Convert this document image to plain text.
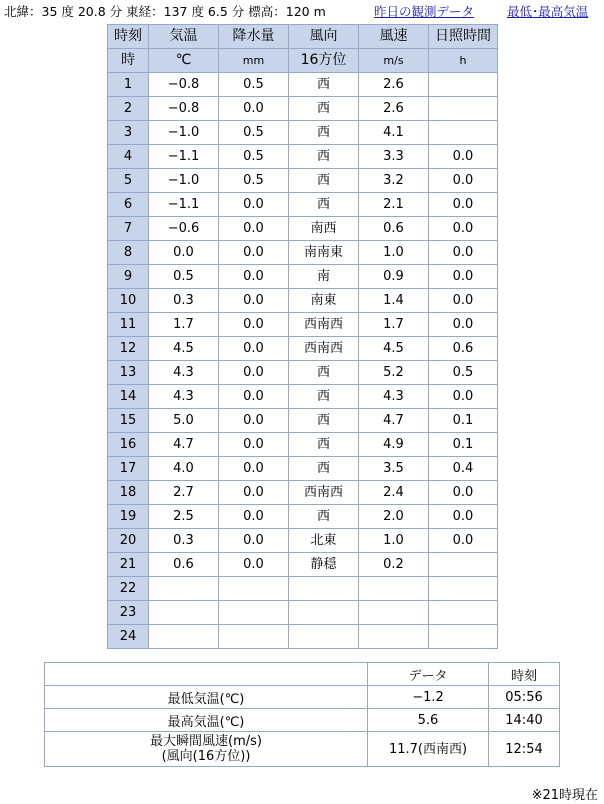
北緯：35 度 20.8 分 東経：137 度 6.5 分 標高：120 m	昨日の観測データ	最低･最高気温
時刻	気温	降水量	風向	風速	日照時間
時	℃	mm	16方位	m/s	h
1	−0.8	0.5	西	2.6	
2	−0.8	0.0	西	2.6	
3	−1.0	0.5	西	4.1	
4	−1.1	0.5	西	3.3	0.0
5	−1.0	0.5	西	3.2	0.0
6	−1.1	0.0	西	2.1	0.0
7	−0.6	0.0	南西	0.6	0.0
8	0.0	0.0	南南東	1.0	0.0
9	0.5	0.0	南	0.9	0.0
10	0.3	0.0	南東	1.4	0.0
11	1.7	0.0	西南西	1.7	0.0
12	4.5	0.0	西南西	4.5	0.6
13	4.3	0.0	西	5.2	0.5
14	4.3	0.0	西	4.3	0.0
15	5.0	0.0	西	4.7	0.1
16	4.7	0.0	西	4.9	0.1
17	4.0	0.0	西	3.5	0.4
18	2.7	0.0	西南西	2.4	0.0
19	2.5	0.0	西	2.0	0.0
20	0.3	0.0	北東	1.0	0.0
21	0.6	0.0	静穏	0.2	
22					
23					
24					
	データ	時刻
最低気温(℃)	−1.2	05:56
最高気温(℃)	5.6	14:40

最大瞬間風速(m/s)
(風向(16方位))	11.7(西南西)	12:54
※21時現在
